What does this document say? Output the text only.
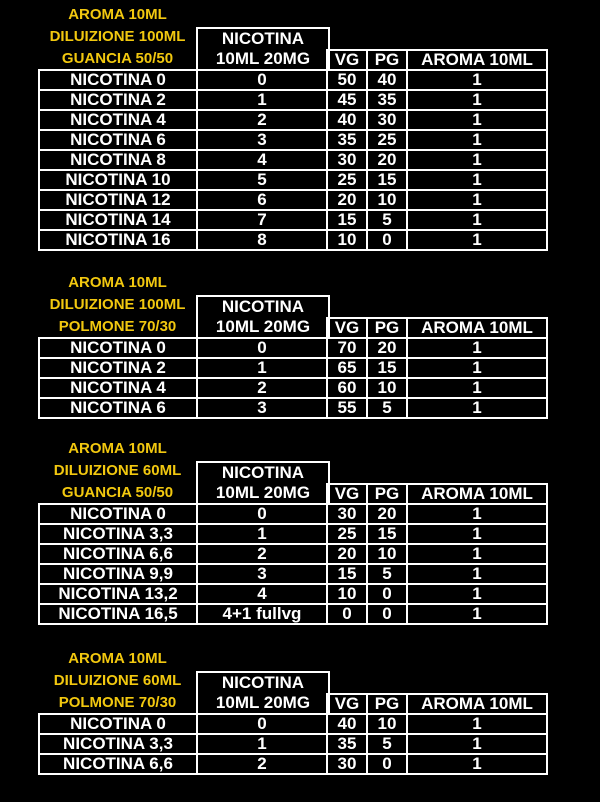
AROMA 10ML
DILUIZIONE 100ML
GUANCIA 50/50
NICOTINA
10ML 20MG
			VG	PG	AROMA 10ML
NICOTINA 0	0	50	40	1
NICOTINA 2	1	45	35	1
NICOTINA 4	2	40	30	1
NICOTINA 6	3	35	25	1
NICOTINA 8	4	30	20	1
NICOTINA 10	5	25	15	1
NICOTINA 12	6	20	10	1
NICOTINA 14	7	15	5	1
NICOTINA 16	8	10	0	1
AROMA 10ML
DILUIZIONE 100ML
POLMONE 70/30
NICOTINA
10ML 20MG
			VG	PG	AROMA 10ML
NICOTINA 0	0	70	20	1
NICOTINA 2	1	65	15	1
NICOTINA 4	2	60	10	1
NICOTINA 6	3	55	5	1
AROMA 10ML
DILUIZIONE 60ML
GUANCIA 50/50
NICOTINA
10ML 20MG
			VG	PG	AROMA 10ML
NICOTINA 0	0	30	20	1
NICOTINA 3,3	1	25	15	1
NICOTINA 6,6	2	20	10	1
NICOTINA 9,9	3	15	5	1
NICOTINA 13,2	4	10	0	1
NICOTINA 16,5	4+1 fullvg	0	0	1
AROMA 10ML
DILUIZIONE 60ML
POLMONE 70/30
NICOTINA
10ML 20MG
			VG	PG	AROMA 10ML
NICOTINA 0	0	40	10	1
NICOTINA 3,3	1	35	5	1
NICOTINA 6,6	2	30	0	1
